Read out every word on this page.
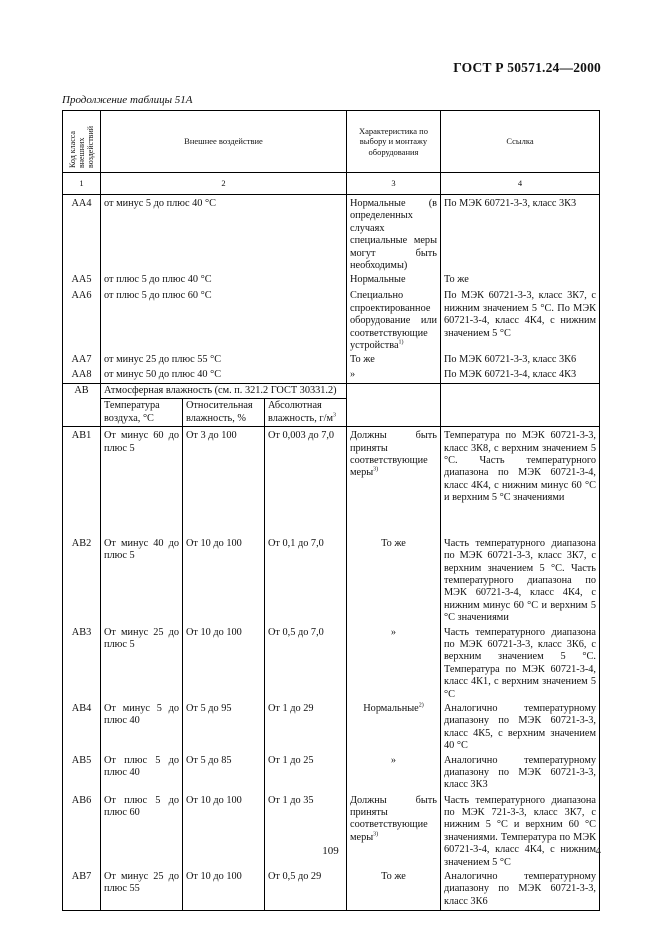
ГОСТ Р 50571.24—2000
Продолжение таблицы 51А
Код класса внешних воздействий	Внешнее воздействие			Характеристика по выбору и монтажу оборудования	Ссылка
1	2			3	4
AA4	от минус 5 до плюс 40 °С			Нормальные (в определенных случаях специальные меры могут быть необходимы)	По МЭК 60721-3-3, класс 3К3
AA5	от плюс 5 до плюс 40 °С			Нормальные	То же
AA6	от плюс 5 до плюс 60 °С			Специально спроектированное оборудование или соответствующие устройства$^{1)}$	По МЭК 60721-3-3, класс 3К7, с нижним значением 5 °С. По МЭК 60721-3-4, класс 4К4, с нижним значением 5 °С
AA7	от минус 25 до плюс 55 °С			То же	По МЭК 60721-3-3, класс 3К6
AA8	от минус 50 до плюс 40 °С			»	По МЭК 60721-3-4, класс 4К3
AB	Атмосферная влажность (см. п. 321.2 ГОСТ 30331.2)				
	Температура воздуха, °С	Относительная влажность, %	Абсолютная влажность, г/м$^3$
AB1	От минус 60 до плюс 5	От 3 до 100	От 0,003 до 7,0	Должны быть приняты соответствующие меры$^{3)}$	Температура по МЭК 60721-3-3, класс 3К8, с верхним значением 5 °С. Часть температурного диапазона по МЭК 60721-3-4, класс 4К4, с нижним минус 60 °С и верхним 5 °С значениями
AB2	От минус 40 до плюс 5	От 10 до 100	От 0,1 до 7,0	То же	Часть температурного диапазона по МЭК 60721-3-3, класс 3К7, с верхним значением 5 °С. Часть температурного диапазона по МЭК 60721-3-4, класс 4К4, с нижним минус 60 °С и верхним 5 °С значениями
AB3	От минус 25 до плюс 5	От 10 до 100	От 0,5 до 7,0	»	Часть температурного диапазона по МЭК 60721-3-3, класс 3К6, с верхним значением 5 °С. Температура по МЭК 60721-3-4, класс 4К1, с верхним значением 5 °С
AB4	От минус 5 до плюс 40	От 5 до 95	От 1 до 29	Нормальные$^{2)}$	Аналогично температурному диапазону по МЭК 60721-3-3, класс 4К5, с верхним значением 40 °С
AB5	От плюс 5 до плюс 40	От 5 до 85	От 1 до 25	»	Аналогично температурному диапазону по МЭК 60721-3-3, класс 3К3
AB6	От плюс 5 до плюс 60	От 10 до 100	От 1 до 35	Должны быть приняты соответствующие меры$^{3)}$	Часть температурного диапазона по МЭК 721-3-3, класс 3К7, с нижним 5 °С и верхним 60 °С значениями. Температура по МЭК 60721-3-4, класс 4К4, с нижним значением 5 °С
AB7	От минус 25 до плюс 55	От 10 до 100	От 0,5 до 29	То же	Аналогично температурному диапазону по МЭК 60721-3-3, класс 3К6
109	4
